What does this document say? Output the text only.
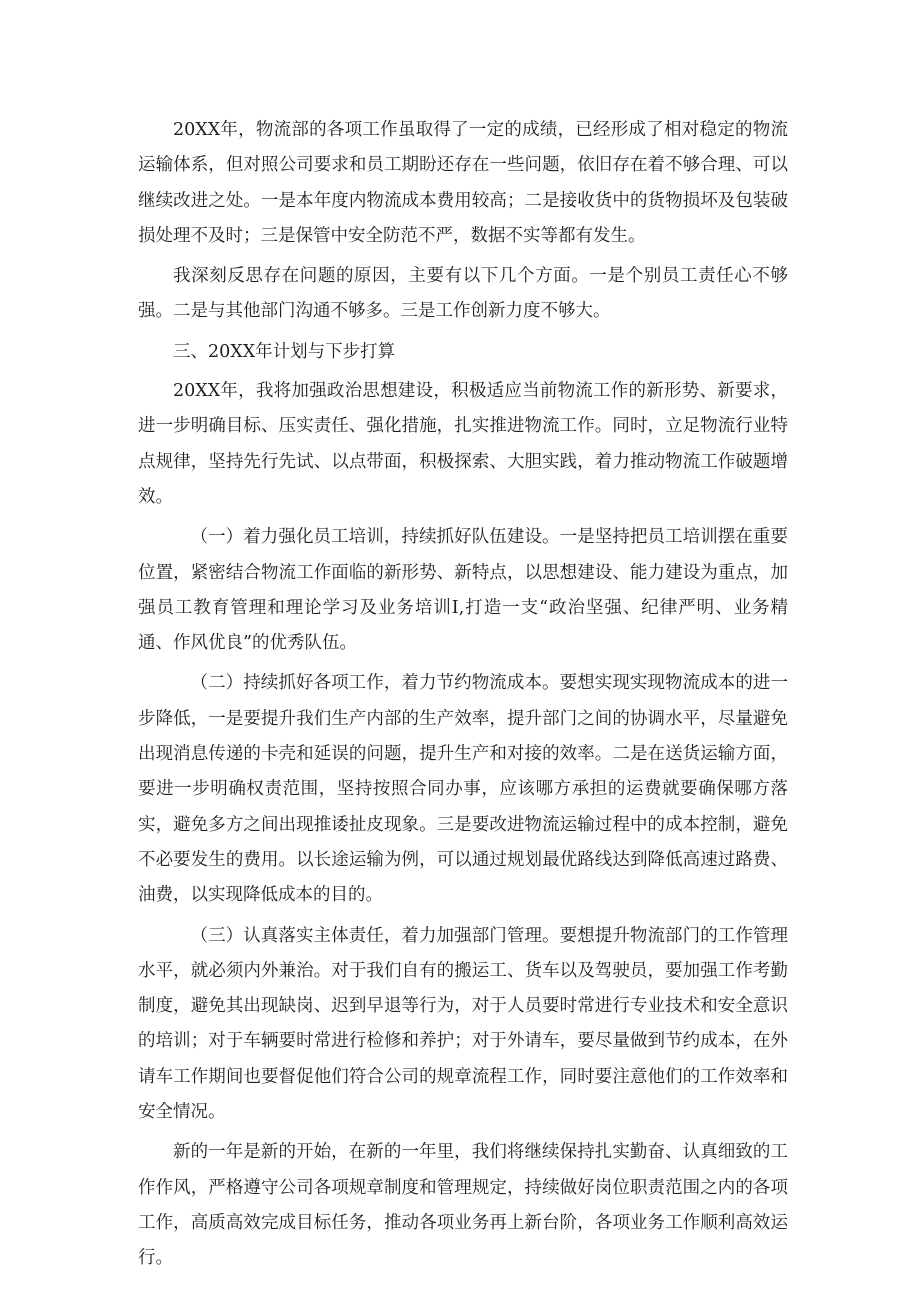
20XX年，物流部的各项工作虽取得了一定的成绩，已经形成了相对稳定的物流运输体系，但对照公司要求和员工期盼还存在一些问题，依旧存在着不够合理、可以继续改进之处。一是本年度内物流成本费用较高；二是接收货中的货物损坏及包装破损处理不及时；三是保管中安全防范不严，数据不实等都有发生。

我深刻反思存在问题的原因，主要有以下几个方面。一是个别员工责任心不够强。二是与其他部门沟通不够多。三是工作创新力度不够大。

三、20XX年计划与下步打算

20XX年，我将加强政治思想建设，积极适应当前物流工作的新形势、新要求，进一步明确目标、压实责任、强化措施，扎实推进物流工作。同时，立足物流行业特点规律，坚持先行先试、以点带面，积极探索、大胆实践，着力推动物流工作破题增效。

（一）着力强化员工培训，持续抓好队伍建设。一是坚持把员工培训摆在重要位置，紧密结合物流工作面临的新形势、新特点，以思想建设、能力建设为重点，加强员工教育管理和理论学习及业务培训I,打造一支“政治坚强、纪律严明、业务精通、作风优良”的优秀队伍。

（二）持续抓好各项工作，着力节约物流成本。要想实现实现物流成本的进一步降低，一是要提升我们生产内部的生产效率，提升部门之间的协调水平，尽量避免出现消息传递的卡壳和延误的问题，提升生产和对接的效率。二是在送货运输方面，要进一步明确权责范围，坚持按照合同办事，应该哪方承担的运费就要确保哪方落实，避免多方之间出现推诿扯皮现象。三是要改进物流运输过程中的成本控制，避免不必要发生的费用。以长途运输为例，可以通过规划最优路线达到降低高速过路费、油费，以实现降低成本的目的。

（三）认真落实主体责任，着力加强部门管理。要想提升物流部门的工作管理水平，就必须内外兼治。对于我们自有的搬运工、货车以及驾驶员，要加强工作考勤制度，避免其出现缺岗、迟到早退等行为，对于人员要时常进行专业技术和安全意识的培训；对于车辆要时常进行检修和养护；对于外请车，要尽量做到节约成本，在外请车工作期间也要督促他们符合公司的规章流程工作，同时要注意他们的工作效率和安全情况。

新的一年是新的开始，在新的一年里，我们将继续保持扎实勤奋、认真细致的工作作风，严格遵守公司各项规章制度和管理规定，持续做好岗位职责范围之内的各项工作，高质高效完成目标任务，推动各项业务再上新台阶，各项业务工作顺利高效运行。
